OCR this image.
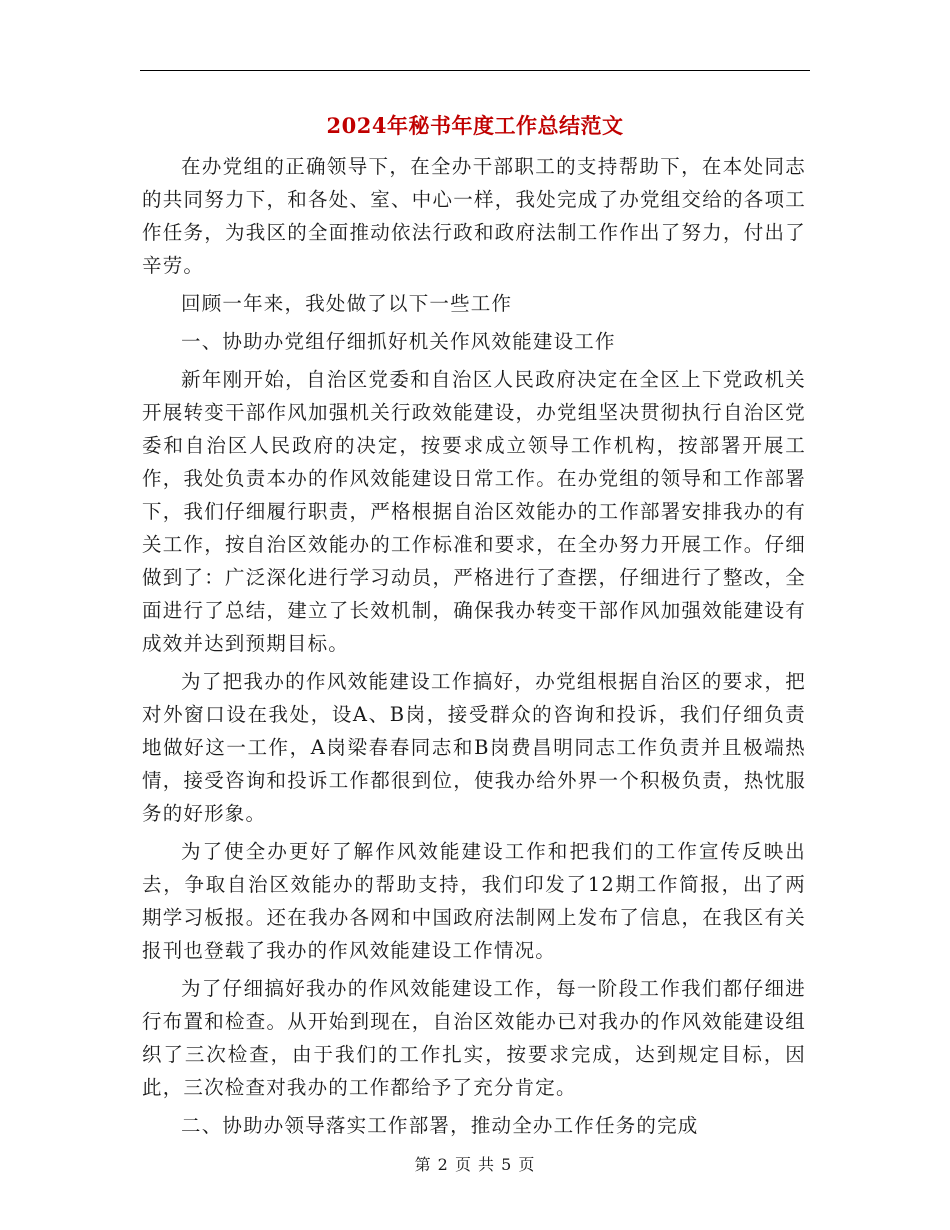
2024年秘书年度工作总结范文

在办党组的正确领导下，在全办干部职工的支持帮助下，在本处同志的共同努力下，和各处、室、中心一样，我处完成了办党组交给的各项工作任务，为我区的全面推动依法行政和政府法制工作作出了努力，付出了辛劳。

回顾一年来，我处做了以下一些工作

一、协助办党组仔细抓好机关作风效能建设工作

新年刚开始，自治区党委和自治区人民政府决定在全区上下党政机关开展转变干部作风加强机关行政效能建设，办党组坚决贯彻执行自治区党委和自治区人民政府的决定，按要求成立领导工作机构，按部署开展工作，我处负责本办的作风效能建设日常工作。在办党组的领导和工作部署下，我们仔细履行职责，严格根据自治区效能办的工作部署安排我办的有关工作，按自治区效能办的工作标准和要求，在全办努力开展工作。仔细做到了：广泛深化进行学习动员，严格进行了查摆，仔细进行了整改，全面进行了总结，建立了长效机制，确保我办转变干部作风加强效能建设有成效并达到预期目标。

为了把我办的作风效能建设工作搞好，办党组根据自治区的要求，把对外窗口设在我处，设A、B岗，接受群众的咨询和投诉，我们仔细负责地做好这一工作，A岗梁春春同志和B岗费昌明同志工作负责并且极端热情，接受咨询和投诉工作都很到位，使我办给外界一个积极负责，热忱服务的好形象。

为了使全办更好了解作风效能建设工作和把我们的工作宣传反映出去，争取自治区效能办的帮助支持，我们印发了12期工作简报，出了两期学习板报。还在我办各网和中国政府法制网上发布了信息，在我区有关报刊也登载了我办的作风效能建设工作情况。

为了仔细搞好我办的作风效能建设工作，每一阶段工作我们都仔细进行布置和检查。从开始到现在，自治区效能办已对我办的作风效能建设组织了三次检查，由于我们的工作扎实，按要求完成，达到规定目标，因此，三次检查对我办的工作都给予了充分肯定。

二、协助办领导落实工作部署，推动全办工作任务的完成

第 2 页 共 5 页
